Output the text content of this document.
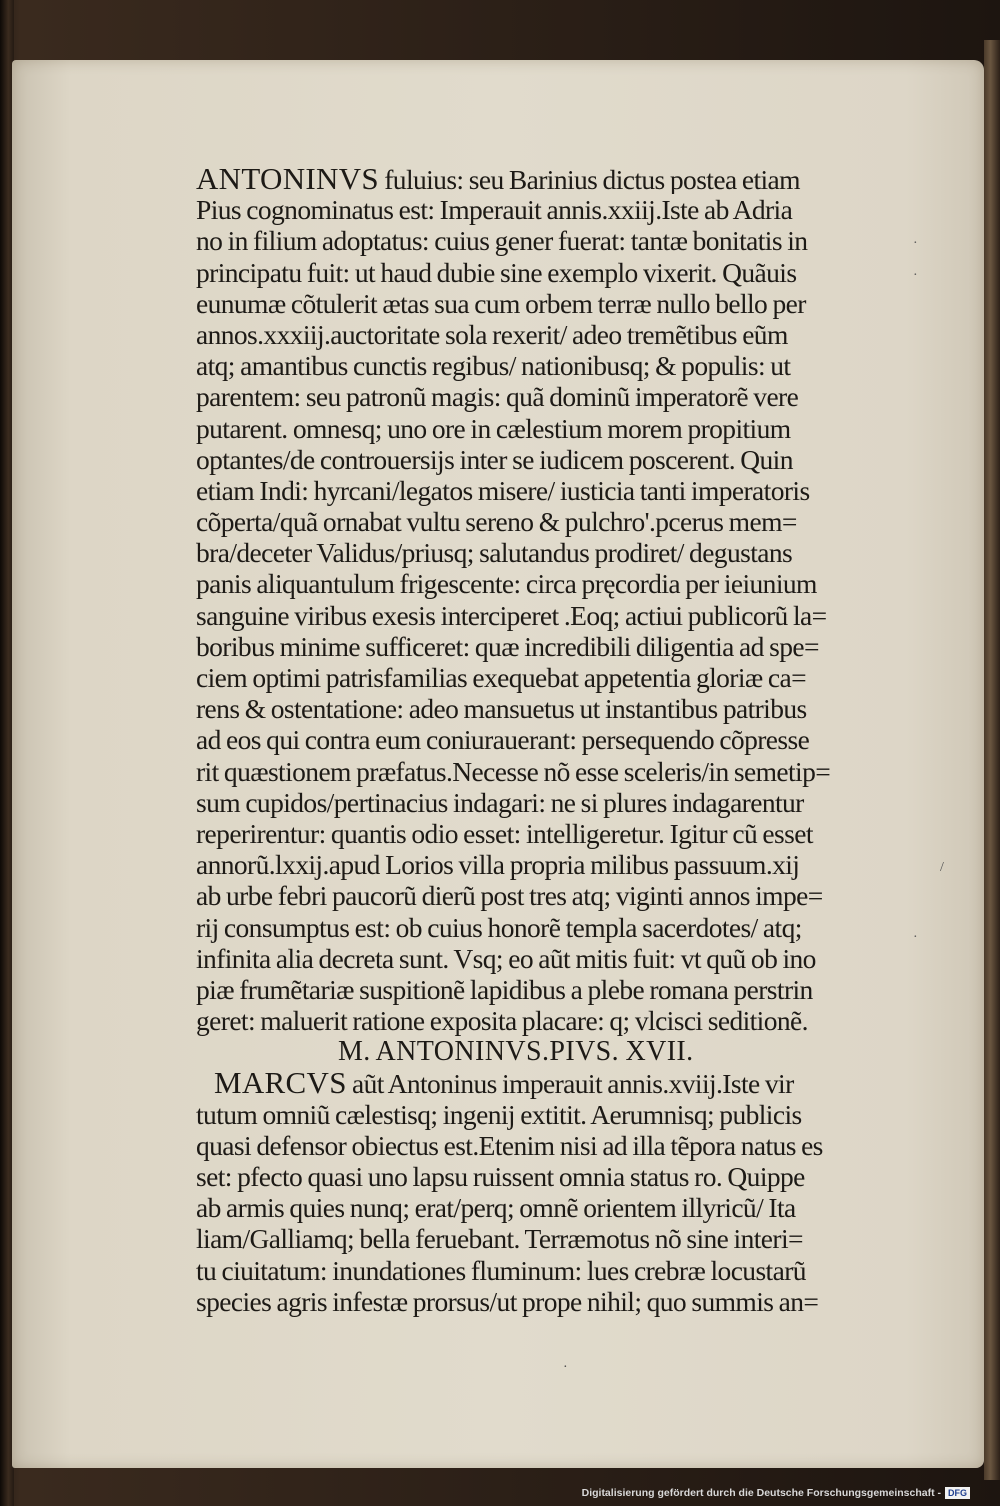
ANTONINVS fuluius: seu Barinius dictus postea etiam
Pius cognominatus est: Imperauit annis.xxiij.Iste ab Adria
no in filium adoptatus: cuius gener fuerat: tantæ bonitatis in
principatu fuit: ut haud dubie sine exemplo vixerit. Quãuis
eunumæ cõtulerit ætas sua cum orbem terræ nullo bello per
annos.xxxiij.auctoritate sola rexerit/ adeo tremẽtibus eũm
atq; amantibus cunctis regibus/ nationibusq; & populis: ut
parentem: seu patronũ magis: quã dominũ imperatorẽ vere
putarent. omnesq; uno ore in cælestium morem propitium
optantes/de controuersijs inter se iudicem poscerent. Quin
etiam Indi: hyrcani/legatos misere/ iusticia tanti imperatoris
cõperta/quã ornabat vultu sereno & pulchro'.pcerus mem=
bra/deceter Validus/priusq; salutandus prodiret/ degustans
panis aliquantulum frigescente: circa pręcordia per ieiunium
sanguine viribus exesis interciperet .Eoq; actiui publicorũ la=
boribus minime sufficeret: quæ incredibili diligentia ad spe=
ciem optimi patrisfamilias exequebat appetentia gloriæ ca=
rens & ostentatione: adeo mansuetus ut instantibus patribus
ad eos qui contra eum coniurauerant: persequendo cõpresse
rit quæstionem præfatus.Necesse nõ esse sceleris/in semetip=
sum cupidos/pertinacius indagari: ne si plures indagarentur
reperirentur: quantis odio esset: intelligeretur. Igitur cũ esset
annorũ.lxxij.apud Lorios villa propria milibus passuum.xij
ab urbe febri paucorũ dierũ post tres atq; viginti annos impe=
rij consumptus est: ob cuius honorẽ templa sacerdotes/ atq;
infinita alia decreta sunt. Vsq; eo aũt mitis fuit: vt quũ ob ino
piæ frumẽtariæ suspitionẽ lapidibus a plebe romana perstrin
geret: maluerit ratione exposita placare: q; vlcisci seditionẽ.
M. ANTONINVS.PIVS. XVII.
MARCVS aũt Antoninus imperauit annis.xviij.Iste vir
tutum omniũ cælestisq; ingenij extitit. Aerumnisq; publicis
quasi defensor obiectus est.Etenim nisi ad illa tẽpora natus es
set: pfecto quasi uno lapsu ruissent omnia status ro. Quippe
ab armis quies nunq; erat/perq; omnẽ orientem illyricũ/ Ita
liam/Galliamq; bella feruebant. Terræmotus nõ sine interi=
tu ciuitatum: inundationes fluminum: lues crebræ locustarũ
species agris infestæ prorsus/ut prope nihil; quo summis an=
·
·
·
/
·
Digitalisierung gefördert durch die Deutsche Forschungsgemeinschaft - DFG
